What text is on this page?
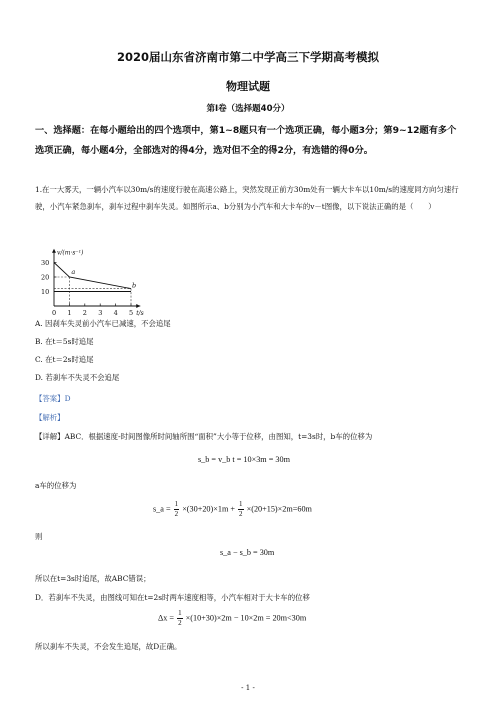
2020届山东省济南市第二中学高三下学期高考模拟
物理试题
第Ⅰ卷（选择题40分）
一、选择题：在每小题给出的四个选项中，第1~8题只有一个选项正确，每小题3分；第9~12题有多个选项正确，每小题4分，全部选对的得4分，选对但不全的得2分，有选错的得0分。
1.在一大雾天，一辆小汽车以30m/s的速度行驶在高速公路上，突然发现正前方30m处有一辆大卡车以10m/s的速度同方向匀速行驶，小汽车紧急刹车，刹车过程中刹车失灵。如图所示a、b分别为小汽车和大卡车的v－t图像，以下说法正确的是（　　）
v/(m·s⁻¹)
t/s
0 1 2 3 4 5
10
20
30
a
b
A. 因刹车失灵前小汽车已减速，不会追尾
B. 在t＝5s时追尾
C. 在t＝2s时追尾
D. 若刹车不失灵不会追尾
【答案】D
【解析】
【详解】ABC．根据速度-时间图像所时间轴所围“面积”大小等于位移，由图知，t=3s时，b车的位移为
s_b = v_b t = 10×3m = 30m
a车的位移为
s_a = $\frac{1}{2} \times(30+20)\times 1m + \frac{1}{2} \times(20+15)\times 2m=60m$
则
s_a − s_b = 30m
所以在t=3s时追尾，故ABC错误；
D．若刹车不失灵，由图线可知在t=2s时两车速度相等，小汽车相对于大卡车的位移
$\Delta x = \frac{1}{2} \times(10+30)\times 2m - 10\times 2m = 20m<30m$
所以刹车不失灵，不会发生追尾，故D正确。
- 1 -
